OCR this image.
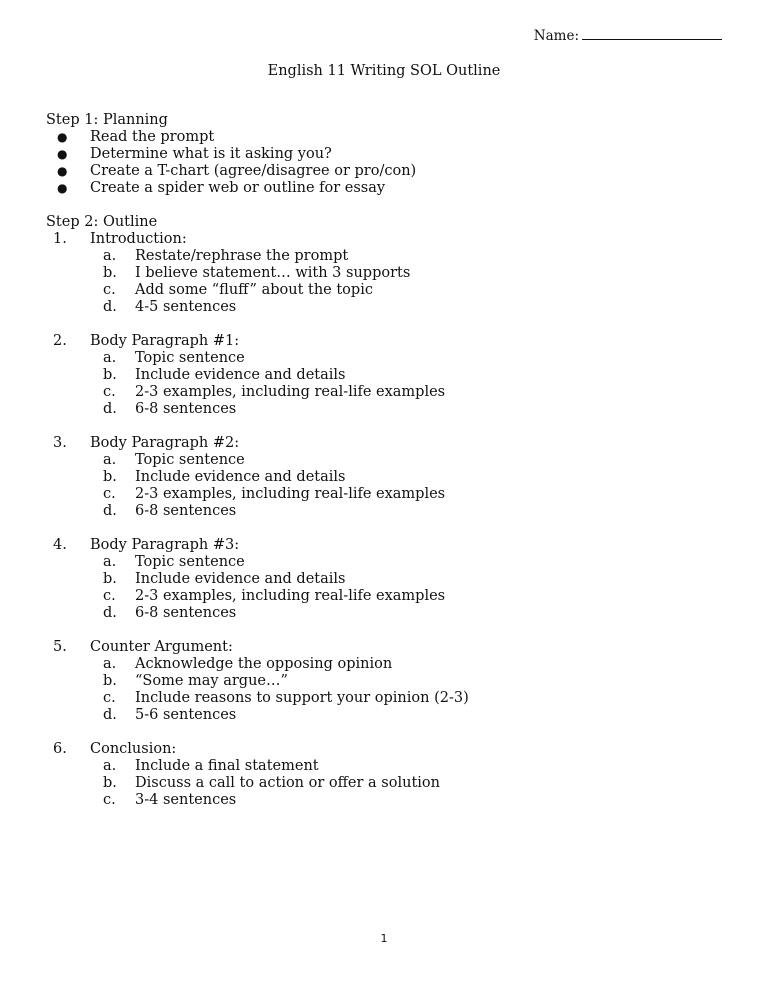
Name:
English 11 Writing SOL Outline
Step 1: Planning
● Read the prompt
● Determine what is it asking you?
● Create a T-chart (agree/disagree or pro/con)
● Create a spider web or outline for essay
Step 2: Outline
1. Introduction:
a. Restate/rephrase the prompt
b. I believe statement… with 3 supports
c. Add some “fluff” about the topic
d. 4-5 sentences
2. Body Paragraph #1:
a. Topic sentence
b. Include evidence and details
c. 2-3 examples, including real-life examples
d. 6-8 sentences
3. Body Paragraph #2:
a. Topic sentence
b. Include evidence and details
c. 2-3 examples, including real-life examples
d. 6-8 sentences
4. Body Paragraph #3:
a. Topic sentence
b. Include evidence and details
c. 2-3 examples, including real-life examples
d. 6-8 sentences
5. Counter Argument:
a. Acknowledge the opposing opinion
b. “Some may argue…”
c. Include reasons to support your opinion (2-3)
d. 5-6 sentences
6. Conclusion:
a. Include a final statement
b. Discuss a call to action or offer a solution
c. 3-4 sentences
1
